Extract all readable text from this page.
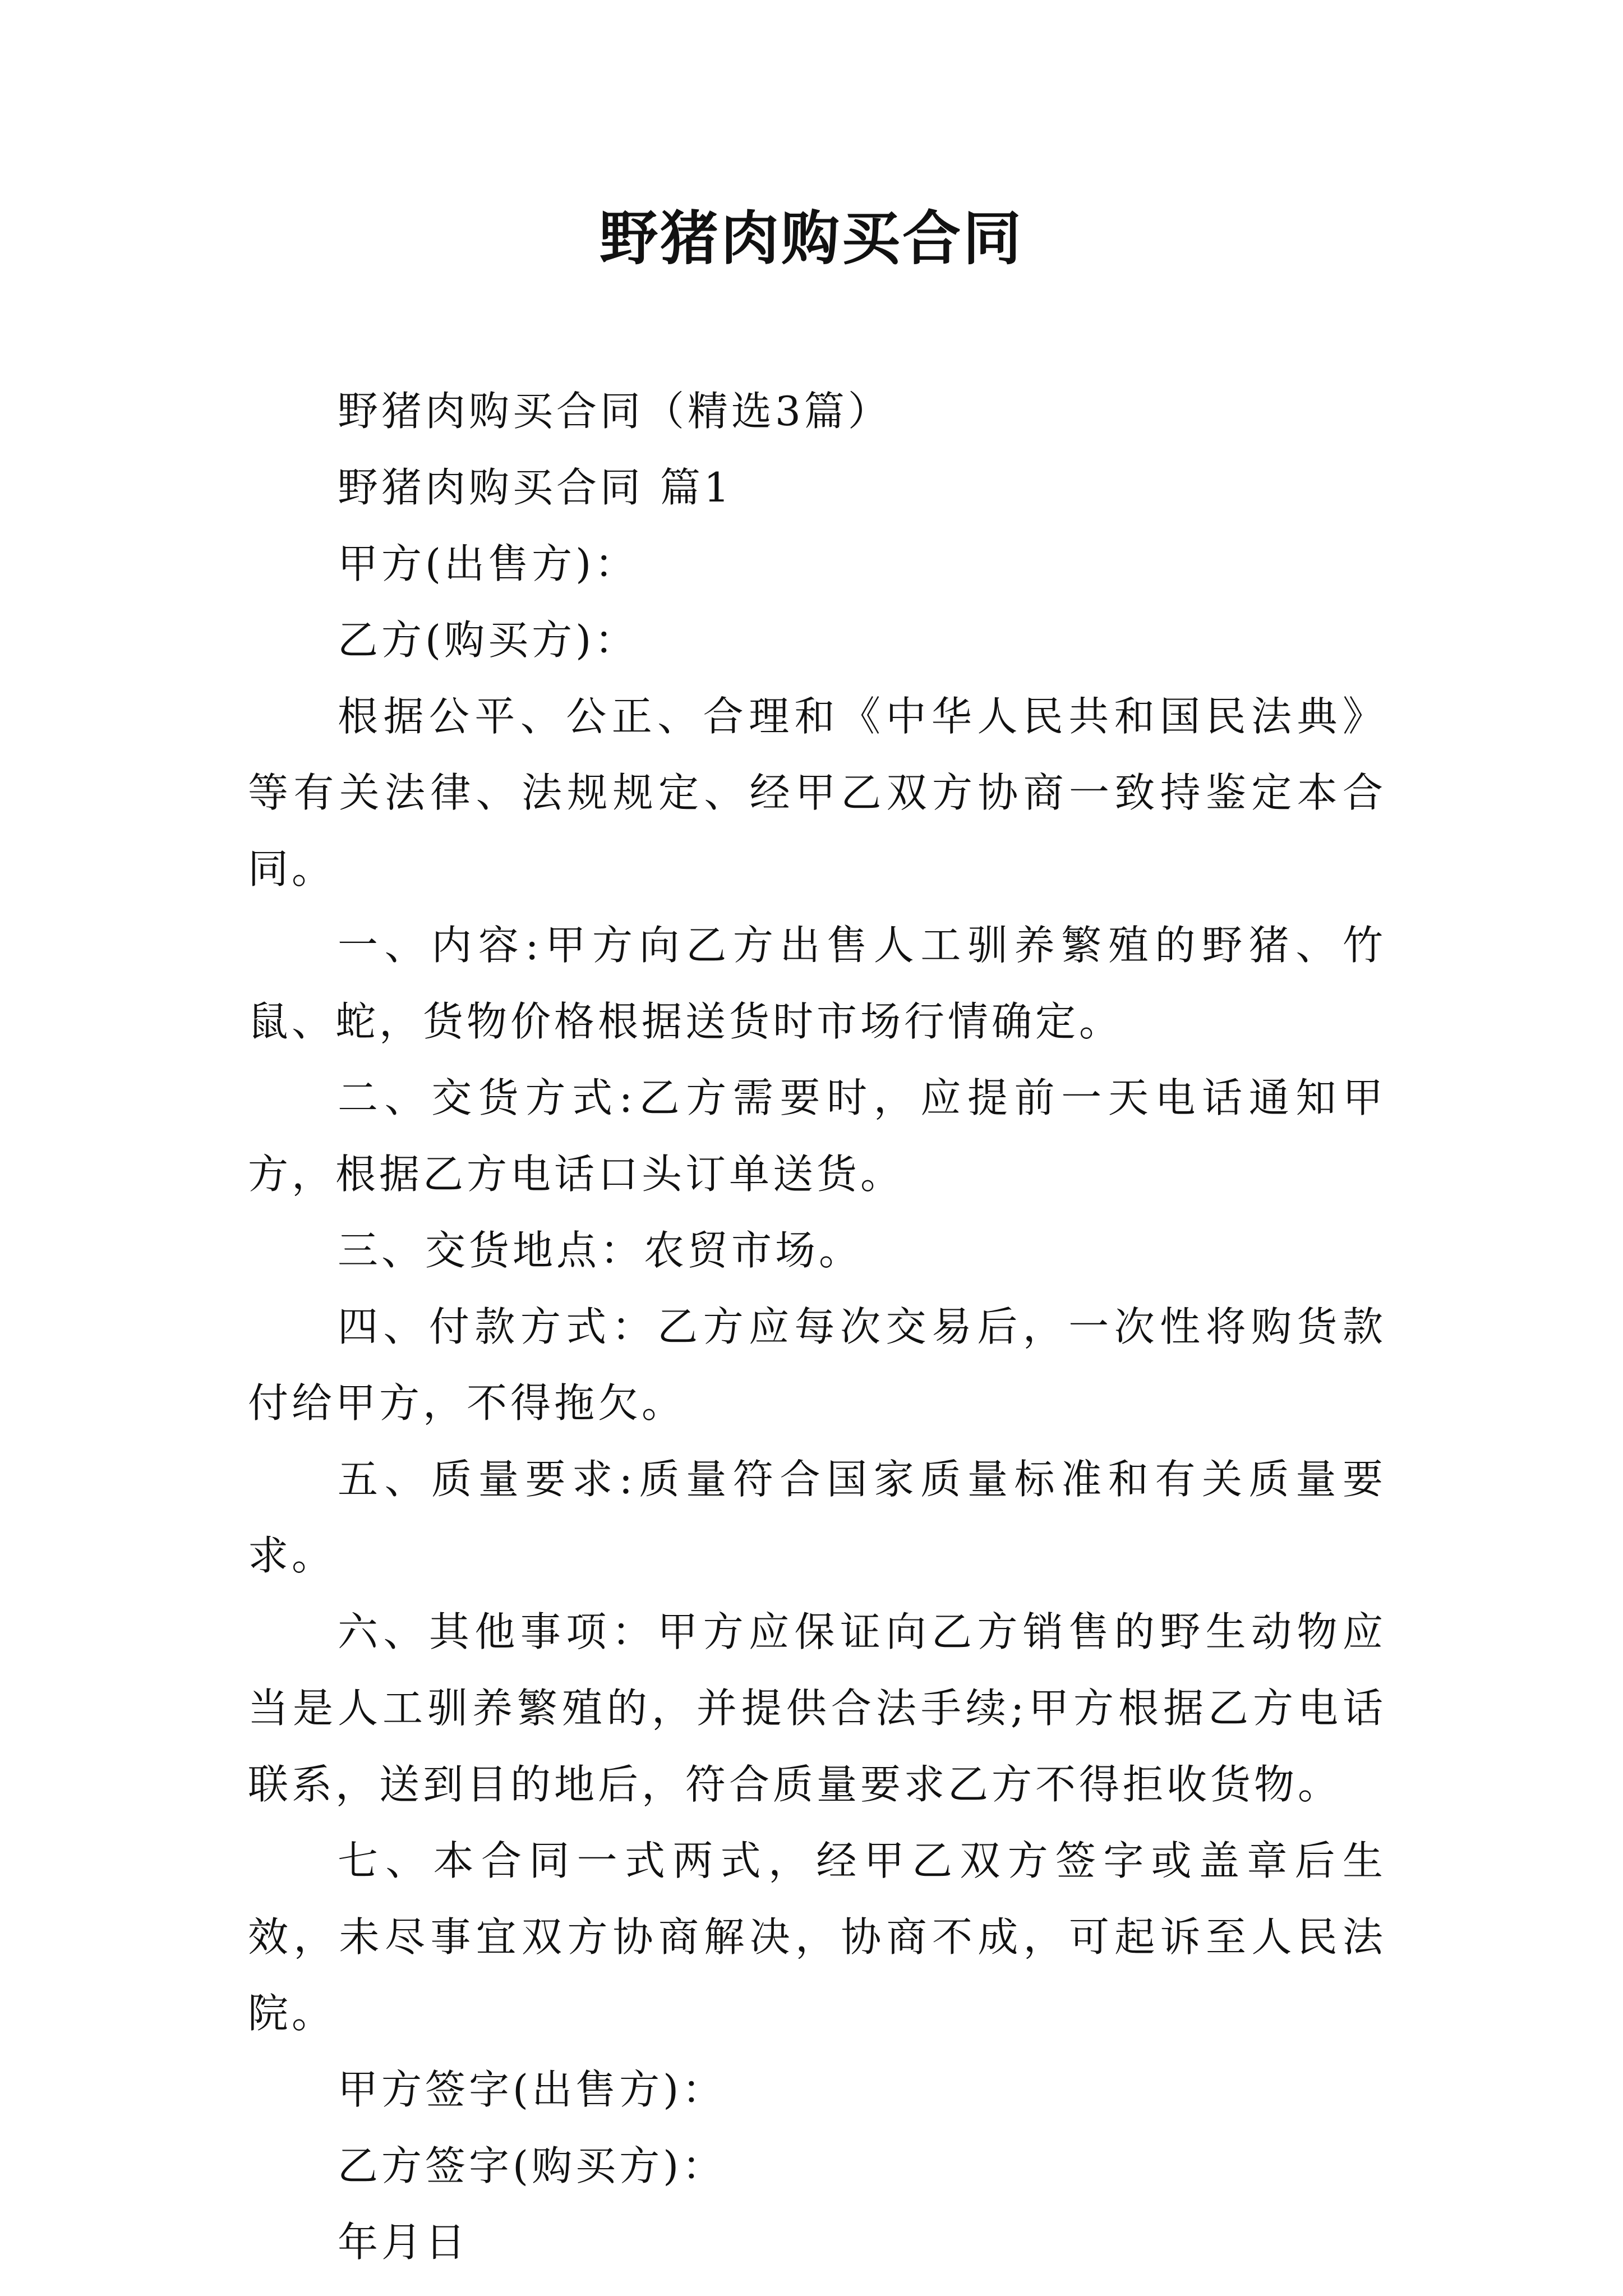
野猪肉购买合同

野猪肉购买合同（精选3篇）

野猪肉购买合同 篇1

甲方(出售方)：

乙方(购买方)：

根据公平、公正、合理和《中华人民共和国民法典》等有关法律、法规规定、经甲乙双方协商一致持鉴定本合同。

一、内容:甲方向乙方出售人工驯养繁殖的野猪、竹鼠、蛇，货物价格根据送货时市场行情确定。

二、交货方式:乙方需要时，应提前一天电话通知甲方，根据乙方电话口头订单送货。

三、交货地点：农贸市场。

四、付款方式：乙方应每次交易后，一次性将购货款付给甲方，不得拖欠。

五、质量要求:质量符合国家质量标准和有关质量要求。

六、其他事项：甲方应保证向乙方销售的野生动物应当是人工驯养繁殖的，并提供合法手续;甲方根据乙方电话联系，送到目的地后，符合质量要求乙方不得拒收货物。

七、本合同一式两式，经甲乙双方签字或盖章后生效，未尽事宜双方协商解决，协商不成，可起诉至人民法院。

甲方签字(出售方)：

乙方签字(购买方)：

年月日
